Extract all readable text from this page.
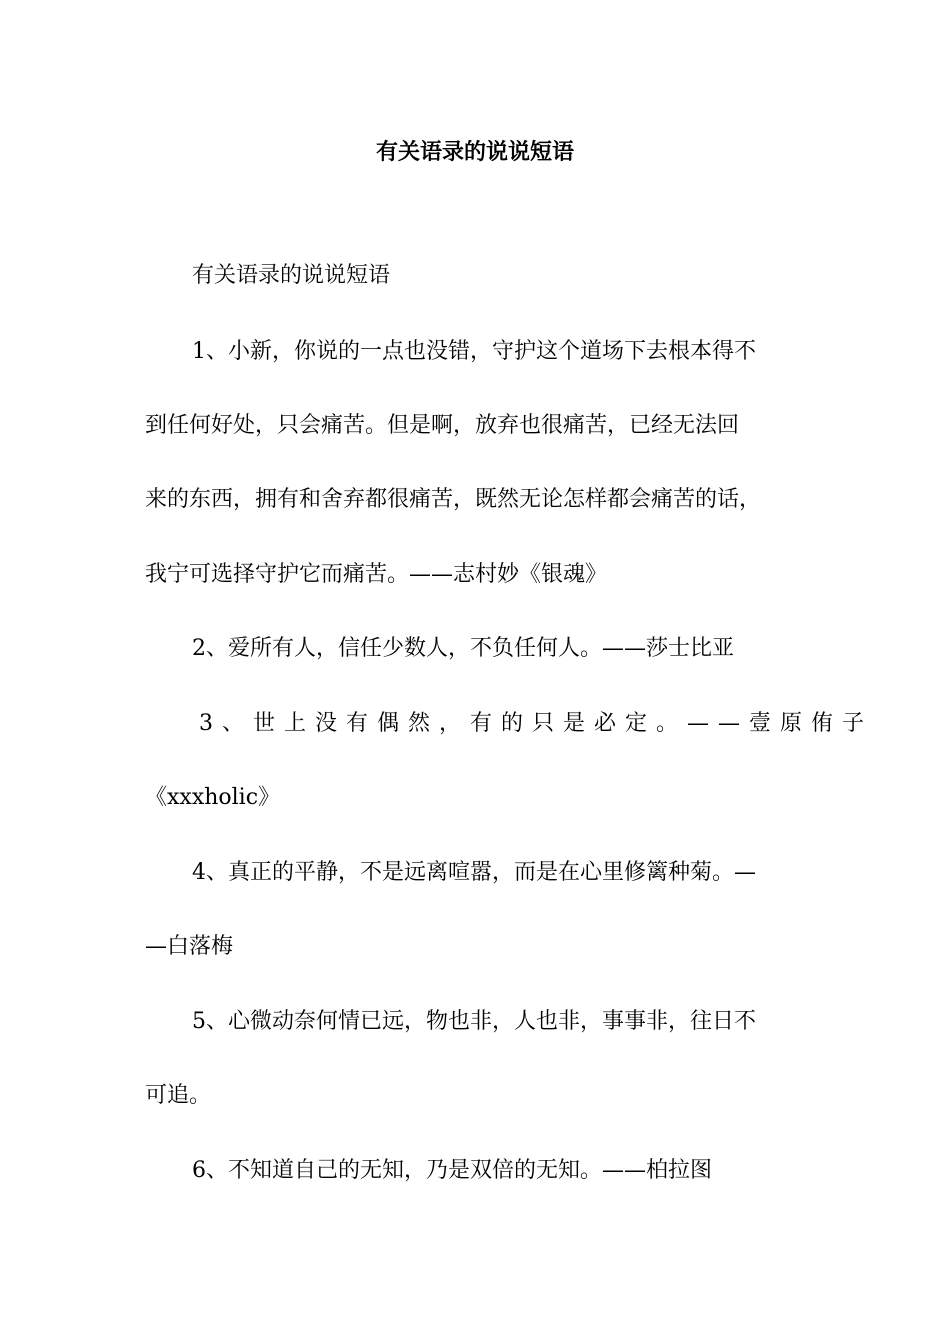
有关语录的说说短语
有关语录的说说短语
1、小新，你说的一点也没错，守护这个道场下去根本得不
到任何好处，只会痛苦。但是啊，放弃也很痛苦，已经无法回
来的东西，拥有和舍弃都很痛苦，既然无论怎样都会痛苦的话，
我宁可选择守护它而痛苦。——志村妙《银魂》
2、爱所有人，信任少数人，不负任何人。——莎士比亚
3、世上没有偶然，有的只是必定。——壹原侑子
《xxxholic》
4、真正的平静，不是远离喧嚣，而是在心里修篱种菊。—
—白落梅
5、心微动奈何情已远，物也非，人也非，事事非，往日不
可追。
6、不知道自己的无知，乃是双倍的无知。——柏拉图
